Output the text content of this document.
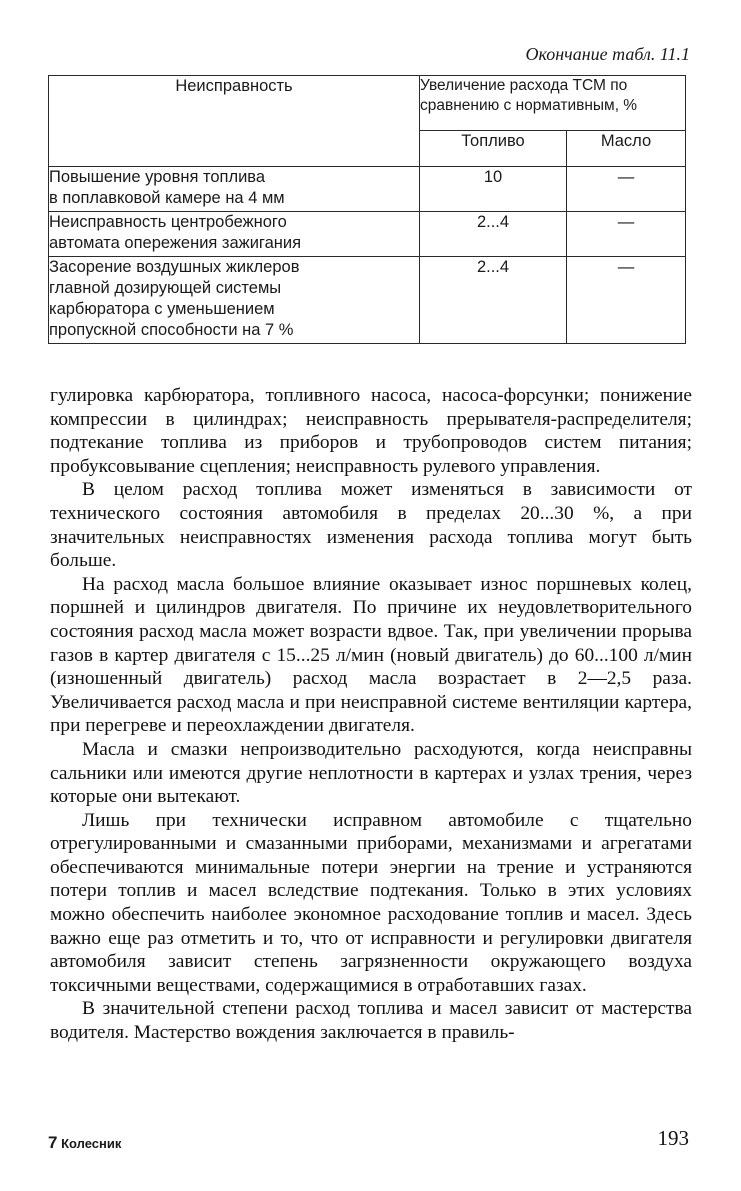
Окончание табл. 11.1
Неисправность	Увеличение расхода ТСМ по сравнению с нормативным, %	
	Топливо	Масло

Повышение уровня топлива
в поплавковой камере на 4 мм	10	—

Неисправность центробежного
автомата опережения зажигания	2...4	—

Засорение воздушных жиклеров
главной дозирующей системы
карбюратора с уменьшением
пропускной способности на 7 %	2...4	—

гулировка карбюратора, топливного насоса, насоса-форсунки; понижение компрессии в цилиндрах; неисправность прерывателя-распределителя; подтекание топлива из приборов и трубопроводов систем питания; пробуксовывание сцепления; неисправность рулевого управления.

В целом расход топлива может изменяться в зависимости от технического состояния автомобиля в пределах 20...30 %, а при значительных неисправностях изменения расхода топлива могут быть больше.

На расход масла большое влияние оказывает износ поршневых колец, поршней и цилиндров двигателя. По причине их неудовлетворительного состояния расход масла может возрасти вдвое. Так, при увеличении прорыва газов в картер двигателя с 15...25 л/мин (новый двигатель) до 60...100 л/мин (изношенный двигатель) расход масла возрастает в 2—2,5 раза. Увеличивается расход масла и при неисправной системе вентиляции картера, при перегреве и переохлаждении двигателя.

Масла и смазки непроизводительно расходуются, когда неисправны сальники или имеются другие неплотности в картерах и узлах трения, через которые они вытекают.

Лишь при технически исправном автомобиле с тщательно отрегулированными и смазанными приборами, механизмами и агрегатами обеспечиваются минимальные потери энергии на трение и устраняются потери топлив и масел вследствие подтекания. Только в этих условиях можно обеспечить наиболее экономное расходование топлив и масел. Здесь важно еще раз отметить и то, что от исправности и регулировки двигателя автомобиля зависит степень загрязненности окружающего воздуха токсичными веществами, содержащимися в отработавших газах.

В значительной степени расход топлива и масел зависит от мастерства водителя. Мастерство вождения заключается в правиль-

7 Колесник	193
